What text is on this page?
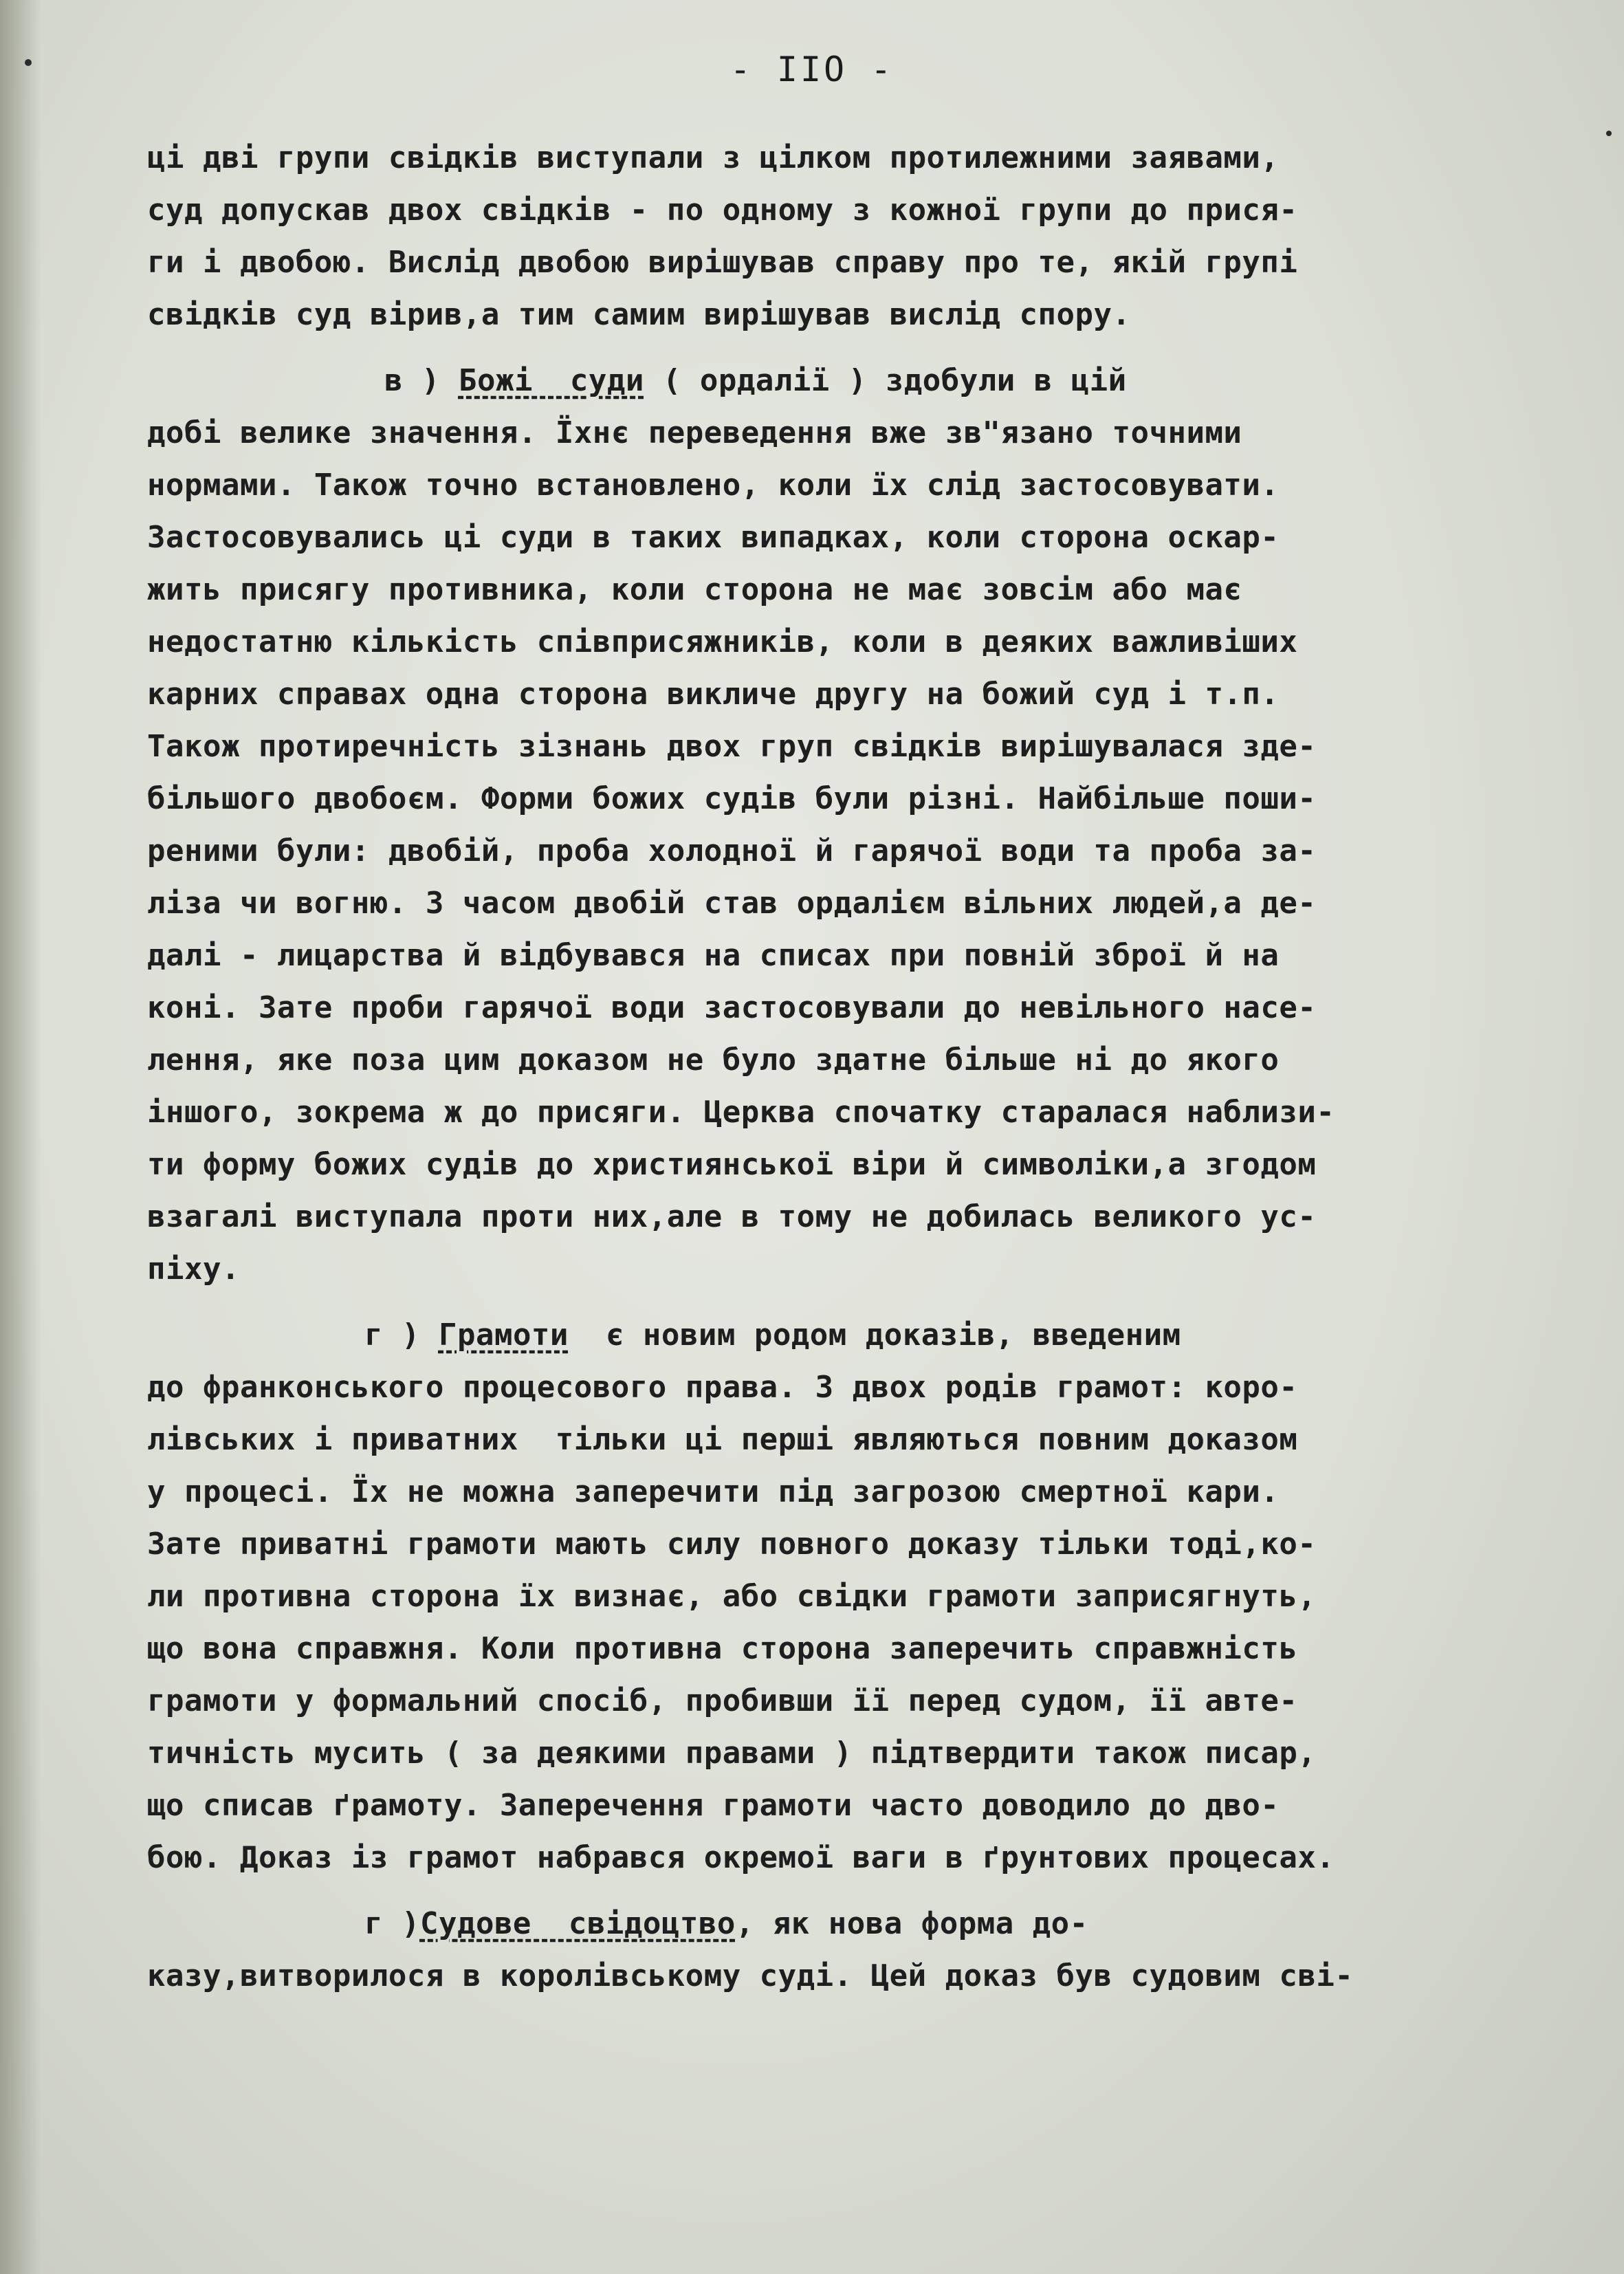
- IIO -
ці дві групи свідків виступали з цілком протилежними заявами,
суд допускав двох свідків - по одному з кожної групи до прися-
ги і двобою. Вислід двобою вирішував справу про те, якій групі
свідків суд вірив,а тим самим вирішував вислід спору.
в ) Божі  суди ( ордалії ) здобули в цій
добі велике значення. Їхнє переведення вже зв"язано точними
нормами. Також точно встановлено, коли їх слід застосовувати.
Застосовувались ці суди в таких випадках, коли сторона оскар-
жить присягу противника, коли сторона не має зовсім або має
недостатню кількість співприсяжників, коли в деяких важливіших
карних справах одна сторона викличе другу на божий суд і т.п.
Також протиречність зізнань двох груп свідків вирішувалася зде-
більшого двобоєм. Форми божих судів були різні. Найбільше поши-
реними були: двобій, проба холодної й гарячої води та проба за-
ліза чи вогню. З часом двобій став ордалієм вільних людей,а де-
далі - лицарства й відбувався на списах при повній зброї й на
коні. Зате проби гарячої води застосовували до невільного насе-
лення, яке поза цим доказом не було здатне більше ні до якого
іншого, зокрема ж до присяги. Церква спочатку старалася наблизи-
ти форму божих судів до християнської віри й символіки,а згодом
взагалі виступала проти них,але в тому не добилась великого ус-
піху.
г ) Грамоти  є новим родом доказів, введеним
до франконського процесового права. З двох родів грамот: коро-
лівських і приватних  тільки ці перші являються повним доказом
у процесі. Їх не можна заперечити під загрозою смертної кари.
Зате приватні грамоти мають силу повного доказу тільки тоді,ко-
ли противна сторона їх визнає, або свідки грамоти заприсягнуть,
що вона справжня. Коли противна сторона заперечить справжність
грамоти у формальний спосіб, пробивши її перед судом, її авте-
тичність мусить ( за деякими правами ) підтвердити також писар,
що списав ґрамоту. Заперечення грамоти часто доводило до дво-
бою. Доказ із грамот набрався окремої ваги в ґрунтових процесах.
г )Судове  свідоцтво, як нова форма до-
казу,витворилося в королівському суді. Цей доказ був судовим сві-
